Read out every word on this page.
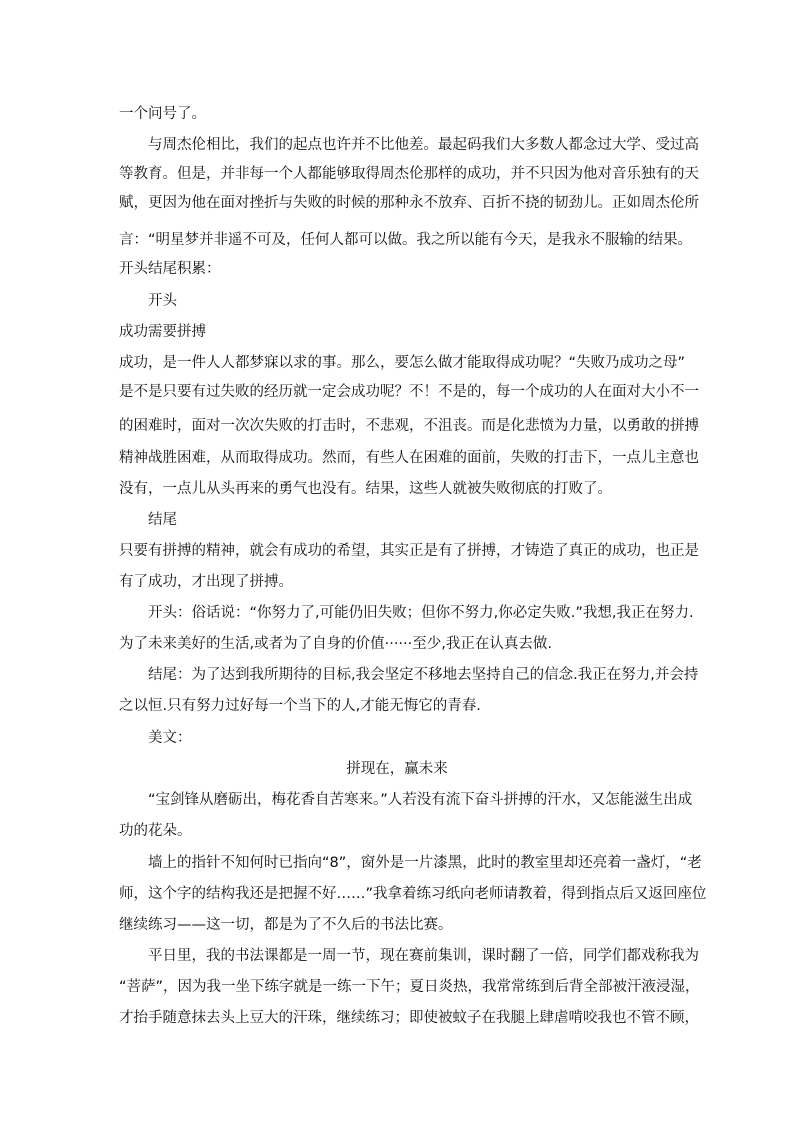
一个问号了。
与周杰伦相比，我们的起点也许并不比他差。最起码我们大多数人都念过大学、受过高
等教育。但是，并非每一个人都能够取得周杰伦那样的成功，并不只因为他对音乐独有的天
赋，更因为他在面对挫折与失败的时候的那种永不放弃、百折不挠的韧劲儿。正如周杰伦所
言：“明星梦并非遥不可及，任何人都可以做。我之所以能有今天，是我永不服输的结果。
开头结尾积累：
开头
成功需要拼搏
成功，是一件人人都梦寐以求的事。那么，要怎么做才能取得成功呢？“失败乃成功之母”
是不是只要有过失败的经历就一定会成功呢？不！不是的，每一个成功的人在面对大小不一
的困难时，面对一次次失败的打击时，不悲观，不沮丧。而是化悲愤为力量，以勇敢的拼搏
精神战胜困难，从而取得成功。然而，有些人在困难的面前，失败的打击下，一点儿主意也
没有，一点儿从头再来的勇气也没有。结果，这些人就被失败彻底的打败了。
结尾
只要有拼搏的精神，就会有成功的希望，其实正是有了拼搏，才铸造了真正的成功，也正是
有了成功，才出现了拼搏。
开头：俗话说：“你努力了,可能仍旧失败；但你不努力,你必定失败.”我想,我正在努力.
为了未来美好的生活,或者为了自身的价值······至少,我正在认真去做.
结尾：为了达到我所期待的目标,我会坚定不移地去坚持自己的信念.我正在努力,并会持
之以恒.只有努力过好每一个当下的人,才能无悔它的青春.
美文：
拼现在，赢未来
“宝剑锋从磨砺出，梅花香自苦寒来。”人若没有流下奋斗拼搏的汗水，又怎能滋生出成
功的花朵。
墙上的指针不知何时已指向“8”，窗外是一片漆黑，此时的教室里却还亮着一盏灯，“老
师，这个字的结构我还是把握不好……”我拿着练习纸向老师请教着，得到指点后又返回座位
继续练习——这一切，都是为了不久后的书法比赛。
平日里，我的书法课都是一周一节，现在赛前集训，课时翻了一倍，同学们都戏称我为
“菩萨”，因为我一坐下练字就是一练一下午；夏日炎热，我常常练到后背全部被汗液浸湿，
才抬手随意抹去头上豆大的汗珠，继续练习；即使被蚊子在我腿上肆虐啃咬我也不管不顾，
